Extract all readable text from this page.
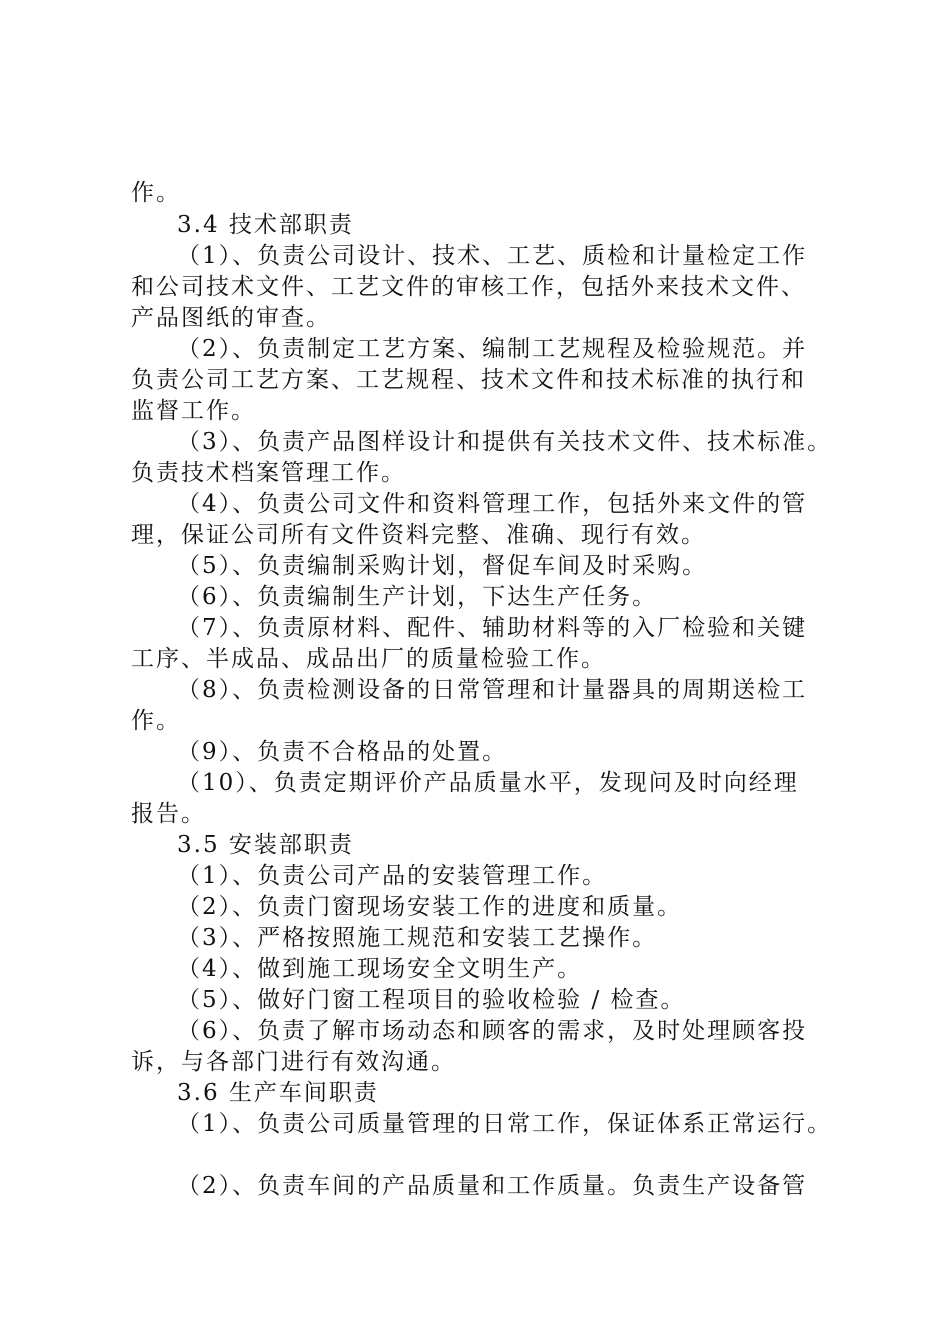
作。
3.4 技术部职责
（1）、负责公司设计、技术、工艺、质检和计量检定工作
和公司技术文件、工艺文件的审核工作，包括外来技术文件、
产品图纸的审查。
（2）、负责制定工艺方案、编制工艺规程及检验规范。并
负责公司工艺方案、工艺规程、技术文件和技术标准的执行和
监督工作。
（3）、负责产品图样设计和提供有关技术文件、技术标准。
负责技术档案管理工作。
（4）、负责公司文件和资料管理工作，包括外来文件的管
理，保证公司所有文件资料完整、准确、现行有效。
（5）、负责编制采购计划，督促车间及时采购。
（6）、负责编制生产计划，下达生产任务。
（7）、负责原材料、配件、辅助材料等的入厂检验和关键
工序、半成品、成品出厂的质量检验工作。
（8）、负责检测设备的日常管理和计量器具的周期送检工
作。
（9）、负责不合格品的处置。
（10）、负责定期评价产品质量水平，发现问及时向经理
报告。
3.5 安装部职责
（1）、负责公司产品的安装管理工作。
（2）、负责门窗现场安装工作的进度和质量。
（3）、严格按照施工规范和安装工艺操作。
（4）、做到施工现场安全文明生产。
（5）、做好门窗工程项目的验收检验 / 检查。
（6）、负责了解市场动态和顾客的需求，及时处理顾客投
诉，与各部门进行有效沟通。
3.6 生产车间职责
（1）、负责公司质量管理的日常工作，保证体系正常运行。
（2）、负责车间的产品质量和工作质量。负责生产设备管
